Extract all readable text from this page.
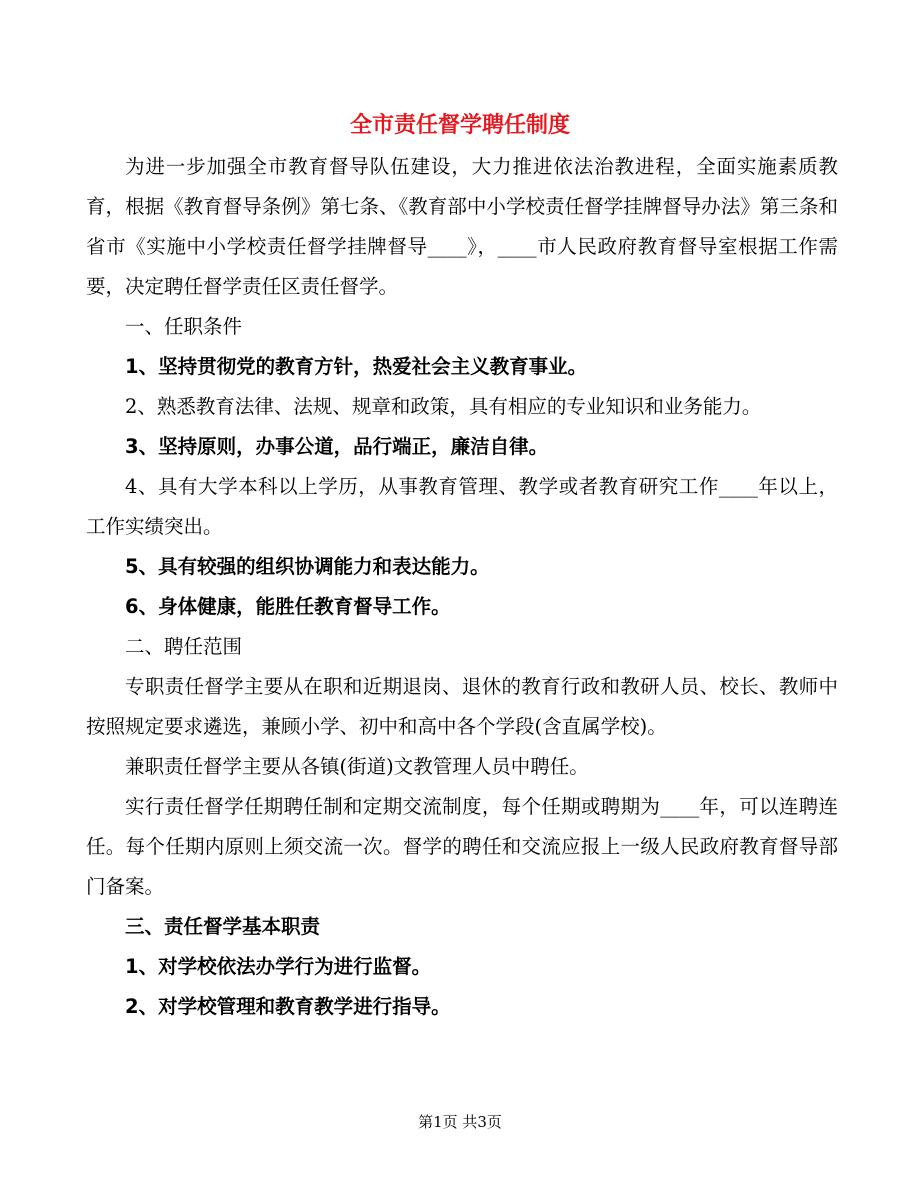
全市责任督学聘任制度

为进一步加强全市教育督导队伍建设，大力推进依法治教进程，全面实施素质教育，根据《教育督导条例》第七条、《教育部中小学校责任督学挂牌督导办法》第三条和省市《实施中小学校责任督学挂牌督导____》，____市人民政府教育督导室根据工作需要，决定聘任督学责任区责任督学。

一、任职条件

1、坚持贯彻党的教育方针，热爱社会主义教育事业。

2、熟悉教育法律、法规、规章和政策，具有相应的专业知识和业务能力。

3、坚持原则，办事公道，品行端正，廉洁自律。

4、具有大学本科以上学历，从事教育管理、教学或者教育研究工作____年以上，工作实绩突出。

5、具有较强的组织协调能力和表达能力。

6、身体健康，能胜任教育督导工作。

二、聘任范围

专职责任督学主要从在职和近期退岗、退休的教育行政和教研人员、校长、教师中按照规定要求遴选，兼顾小学、初中和高中各个学段(含直属学校)。

兼职责任督学主要从各镇(街道)文教管理人员中聘任。

实行责任督学任期聘任制和定期交流制度，每个任期或聘期为____年，可以连聘连任。每个任期内原则上须交流一次。督学的聘任和交流应报上一级人民政府教育督导部门备案。

三、责任督学基本职责

1、对学校依法办学行为进行监督。

2、对学校管理和教育教学进行指导。

第1页 共3页
